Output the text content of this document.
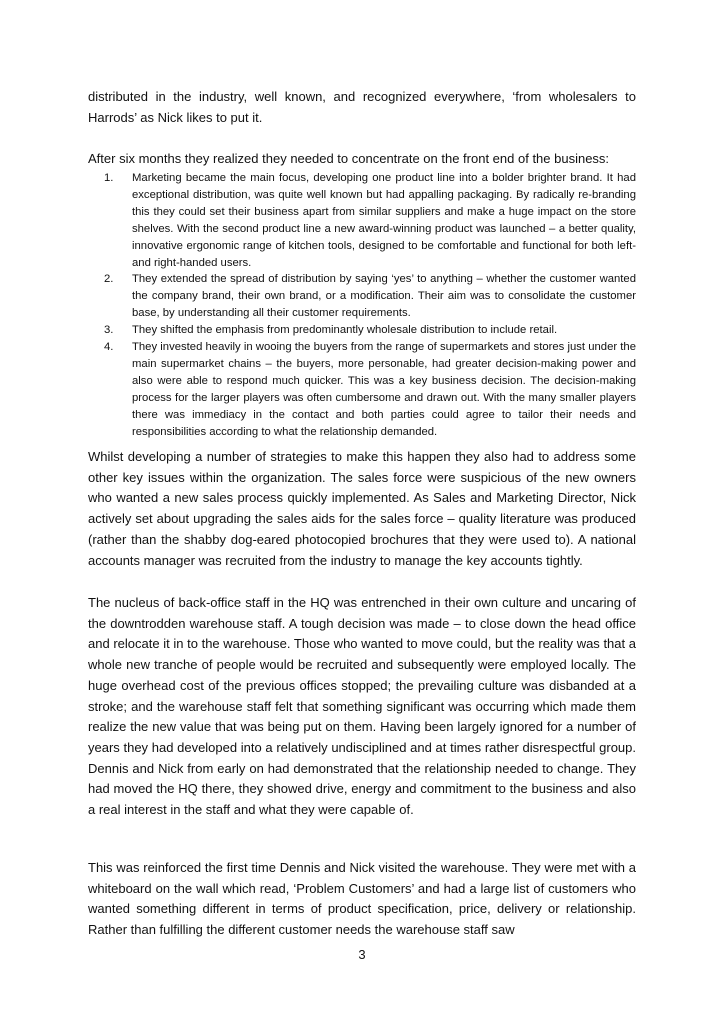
distributed in the industry, well known, and recognized everywhere, ‘from wholesalers to Harrods’ as Nick likes to put it.

After six months they realized they needed to concentrate on the front end of the business:

1. Marketing became the main focus, developing one product line into a bolder brighter brand. It had exceptional distribution, was quite well known but had appalling packaging. By radically re-branding this they could set their business apart from similar suppliers and make a huge impact on the store shelves. With the second product line a new award-winning product was launched – a better quality, innovative ergonomic range of kitchen tools, designed to be comfortable and functional for both left- and right-handed users.
2. They extended the spread of distribution by saying ‘yes’ to anything – whether the customer wanted the company brand, their own brand, or a modification. Their aim was to consolidate the customer base, by understanding all their customer requirements.
3. They shifted the emphasis from predominantly wholesale distribution to include retail.
4. They invested heavily in wooing the buyers from the range of supermarkets and stores just under the main supermarket chains – the buyers, more personable, had greater decision-making power and also were able to respond much quicker. This was a key business decision. The decision-making process for the larger players was often cumbersome and drawn out. With the many smaller players there was immediacy in the contact and both parties could agree to tailor their needs and responsibilities according to what the relationship demanded.

Whilst developing a number of strategies to make this happen they also had to address some other key issues within the organization. The sales force were suspicious of the new owners who wanted a new sales process quickly implemented. As Sales and Marketing Director, Nick actively set about upgrading the sales aids for the sales force – quality literature was produced (rather than the shabby dog-eared photocopied brochures that they were used to). A national accounts manager was recruited from the industry to manage the key accounts tightly.

The nucleus of back-office staff in the HQ was entrenched in their own culture and uncaring of the downtrodden warehouse staff. A tough decision was made – to close down the head office and relocate it in to the warehouse. Those who wanted to move could, but the reality was that a whole new tranche of people would be recruited and subsequently were employed locally. The huge overhead cost of the previous offices stopped; the prevailing culture was disbanded at a stroke; and the warehouse staff felt that something significant was occurring which made them realize the new value that was being put on them. Having been largely ignored for a number of years they had developed into a relatively undisciplined and at times rather disrespectful group. Dennis and Nick from early on had demonstrated that the relationship needed to change. They had moved the HQ there, they showed drive, energy and commitment to the business and also a real interest in the staff and what they were capable of.

This was reinforced the first time Dennis and Nick visited the warehouse. They were met with a whiteboard on the wall which read, ‘Problem Customers’ and had a large list of customers who wanted something different in terms of product specification, price, delivery or relationship. Rather than fulfilling the different customer needs the warehouse staff saw

3
